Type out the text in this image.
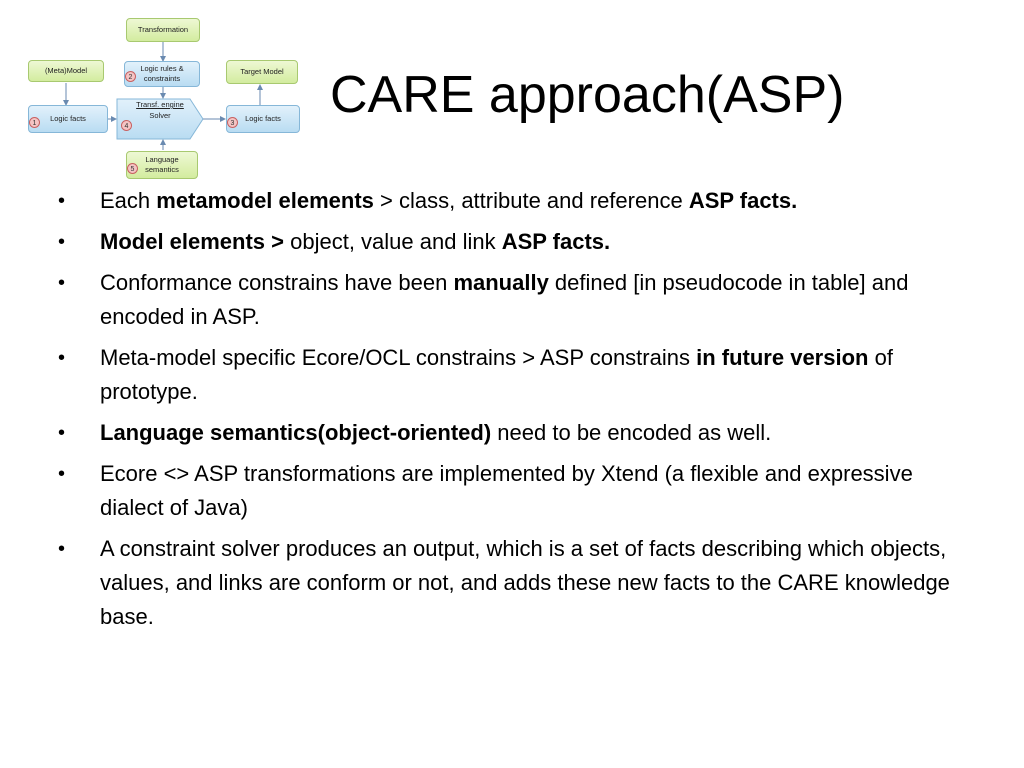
Transformation
(Meta)Model	Logic rules &
constraints
2
Target Model
Logic facts
1
Transf. engine
Solver
4
Logic facts
3
Language
semantics
5
CARE approach(ASP)
• Each metamodel elements > class, attribute and reference ASP facts.
• Model elements > object, value and link ASP facts.
• Conformance constrains have been manually defined [in pseudocode in table] and encoded in ASP.
• Meta-model specific Ecore/OCL constrains > ASP constrains in future version of prototype.
• Language semantics(object-oriented) need to be encoded as well.
• Ecore <> ASP transformations are implemented by Xtend (a flexible and expressive dialect of Java)
• A constraint solver produces an output, which is a set of facts describing which objects, values, and links are conform or not, and adds these new facts to the CARE knowledge base.
